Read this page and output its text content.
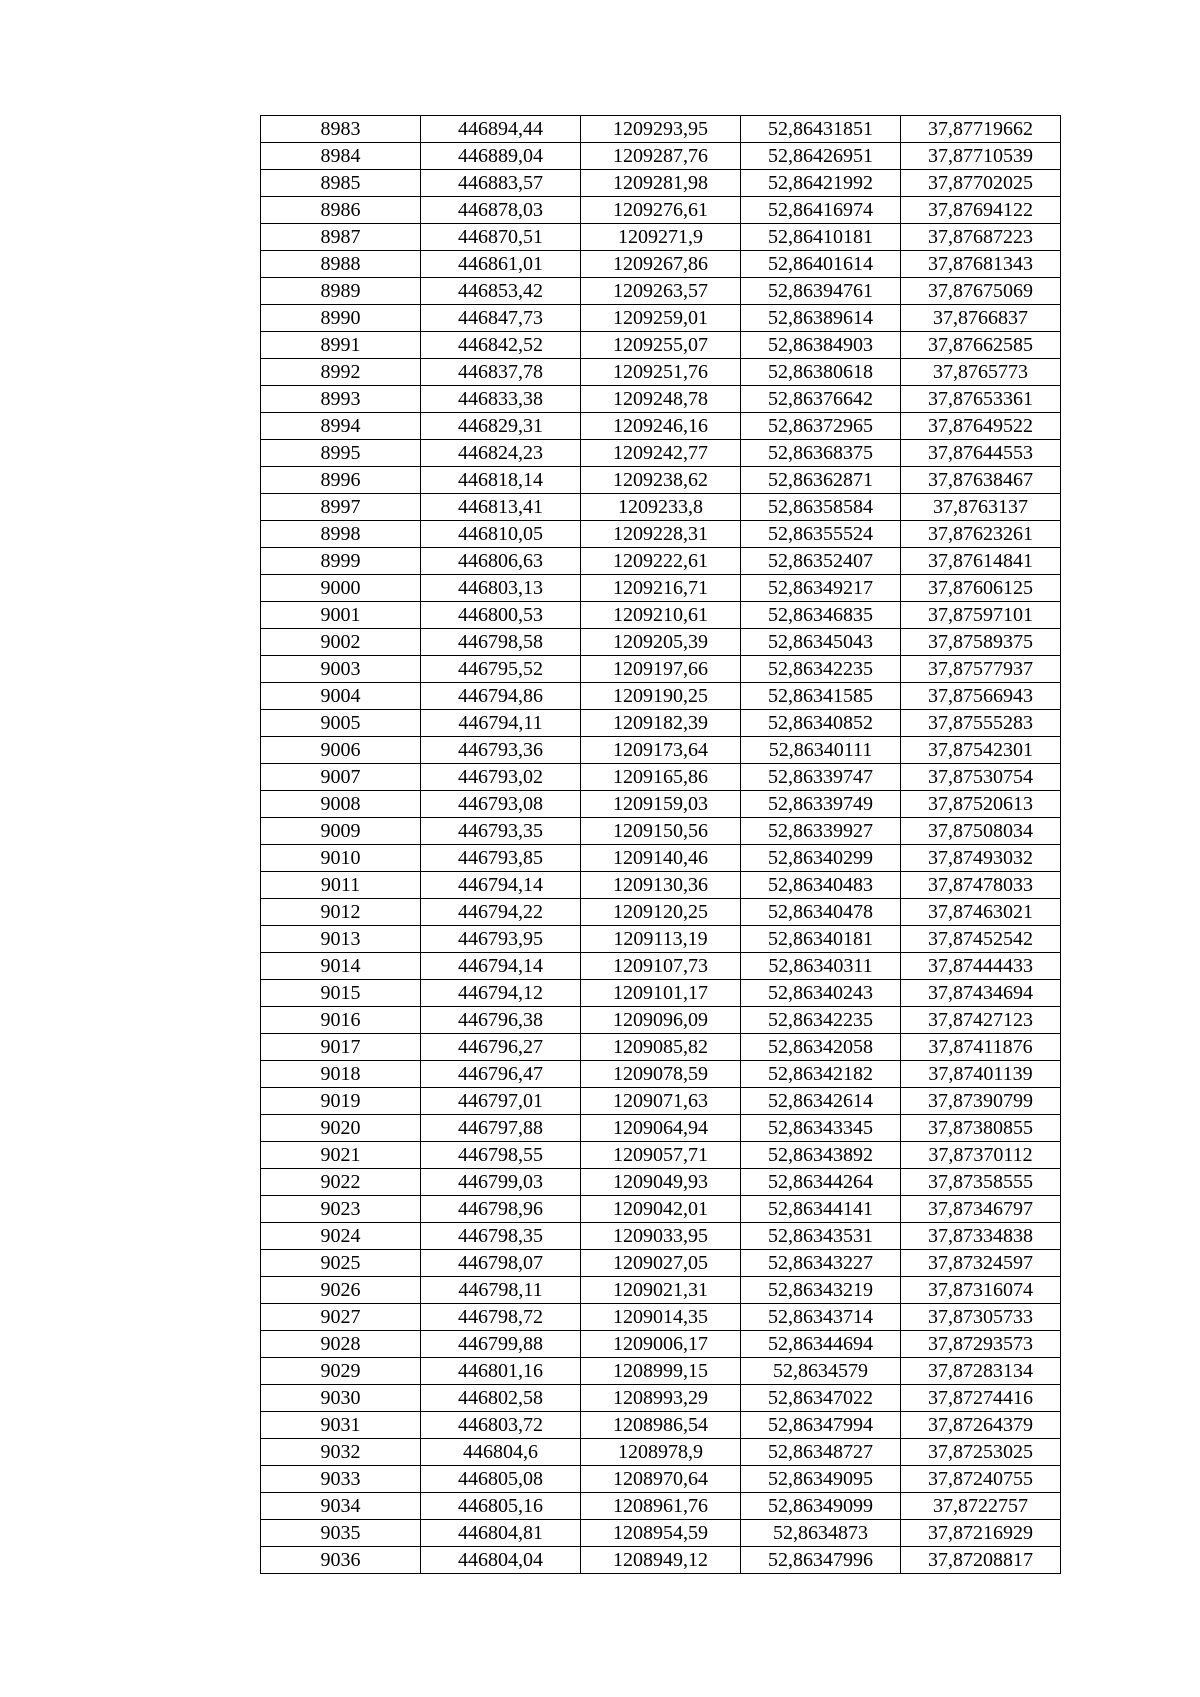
8983	446894,44	1209293,95	52,86431851	37,87719662
8984	446889,04	1209287,76	52,86426951	37,87710539
8985	446883,57	1209281,98	52,86421992	37,87702025
8986	446878,03	1209276,61	52,86416974	37,87694122
8987	446870,51	1209271,9	52,86410181	37,87687223
8988	446861,01	1209267,86	52,86401614	37,87681343
8989	446853,42	1209263,57	52,86394761	37,87675069
8990	446847,73	1209259,01	52,86389614	37,8766837
8991	446842,52	1209255,07	52,86384903	37,87662585
8992	446837,78	1209251,76	52,86380618	37,8765773
8993	446833,38	1209248,78	52,86376642	37,87653361
8994	446829,31	1209246,16	52,86372965	37,87649522
8995	446824,23	1209242,77	52,86368375	37,87644553
8996	446818,14	1209238,62	52,86362871	37,87638467
8997	446813,41	1209233,8	52,86358584	37,8763137
8998	446810,05	1209228,31	52,86355524	37,87623261
8999	446806,63	1209222,61	52,86352407	37,87614841
9000	446803,13	1209216,71	52,86349217	37,87606125
9001	446800,53	1209210,61	52,86346835	37,87597101
9002	446798,58	1209205,39	52,86345043	37,87589375
9003	446795,52	1209197,66	52,86342235	37,87577937
9004	446794,86	1209190,25	52,86341585	37,87566943
9005	446794,11	1209182,39	52,86340852	37,87555283
9006	446793,36	1209173,64	52,86340111	37,87542301
9007	446793,02	1209165,86	52,86339747	37,87530754
9008	446793,08	1209159,03	52,86339749	37,87520613
9009	446793,35	1209150,56	52,86339927	37,87508034
9010	446793,85	1209140,46	52,86340299	37,87493032
9011	446794,14	1209130,36	52,86340483	37,87478033
9012	446794,22	1209120,25	52,86340478	37,87463021
9013	446793,95	1209113,19	52,86340181	37,87452542
9014	446794,14	1209107,73	52,86340311	37,87444433
9015	446794,12	1209101,17	52,86340243	37,87434694
9016	446796,38	1209096,09	52,86342235	37,87427123
9017	446796,27	1209085,82	52,86342058	37,87411876
9018	446796,47	1209078,59	52,86342182	37,87401139
9019	446797,01	1209071,63	52,86342614	37,87390799
9020	446797,88	1209064,94	52,86343345	37,87380855
9021	446798,55	1209057,71	52,86343892	37,87370112
9022	446799,03	1209049,93	52,86344264	37,87358555
9023	446798,96	1209042,01	52,86344141	37,87346797
9024	446798,35	1209033,95	52,86343531	37,87334838
9025	446798,07	1209027,05	52,86343227	37,87324597
9026	446798,11	1209021,31	52,86343219	37,87316074
9027	446798,72	1209014,35	52,86343714	37,87305733
9028	446799,88	1209006,17	52,86344694	37,87293573
9029	446801,16	1208999,15	52,8634579	37,87283134
9030	446802,58	1208993,29	52,86347022	37,87274416
9031	446803,72	1208986,54	52,86347994	37,87264379
9032	446804,6	1208978,9	52,86348727	37,87253025
9033	446805,08	1208970,64	52,86349095	37,87240755
9034	446805,16	1208961,76	52,86349099	37,8722757
9035	446804,81	1208954,59	52,8634873	37,87216929
9036	446804,04	1208949,12	52,86347996	37,87208817
